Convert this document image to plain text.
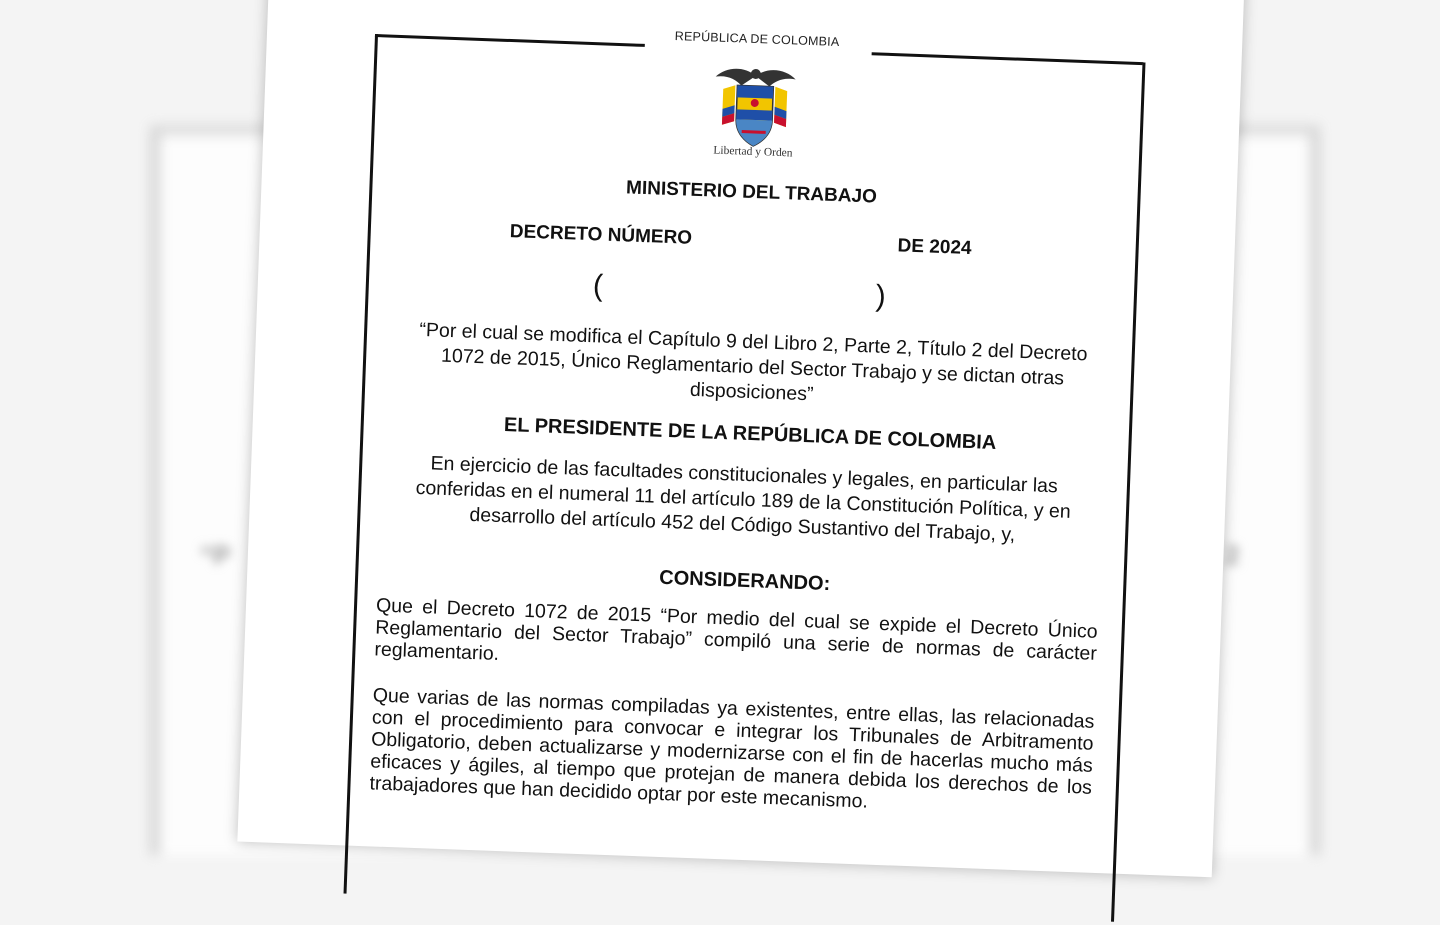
“P	2
REPÚBLICA DE COLOMBIA
Libertad y Orden
MINISTERIO DEL TRABAJO
DECRETO NÚMERO	DE 2024
(	)
“Por el cual se modifica el Capítulo 9 del Libro 2, Parte 2, Título 2 del Decreto 1072 de 2015, Único Reglamentario del Sector Trabajo y se dictan otras disposiciones”
EL PRESIDENTE DE LA REPÚBLICA DE COLOMBIA
En ejercicio de las facultades constitucionales y legales, en particular las conferidas en el numeral 11 del artículo 189 de la Constitución Política, y en desarrollo del artículo 452 del Código Sustantivo del Trabajo, y,
CONSIDERANDO:
Que el Decreto 1072 de 2015 “Por medio del cual se expide el Decreto Único Reglamentario del Sector Trabajo” compiló una serie de normas de carácter reglamentario.
Que varias de las normas compiladas ya existentes, entre ellas, las relacionadas con el procedimiento para convocar e integrar los Tribunales de Arbitramento Obligatorio, deben actualizarse y modernizarse con el fin de hacerlas mucho más eficaces y ágiles, al tiempo que protejan de manera debida los derechos de los trabajadores que han decidido optar por este mecanismo.
